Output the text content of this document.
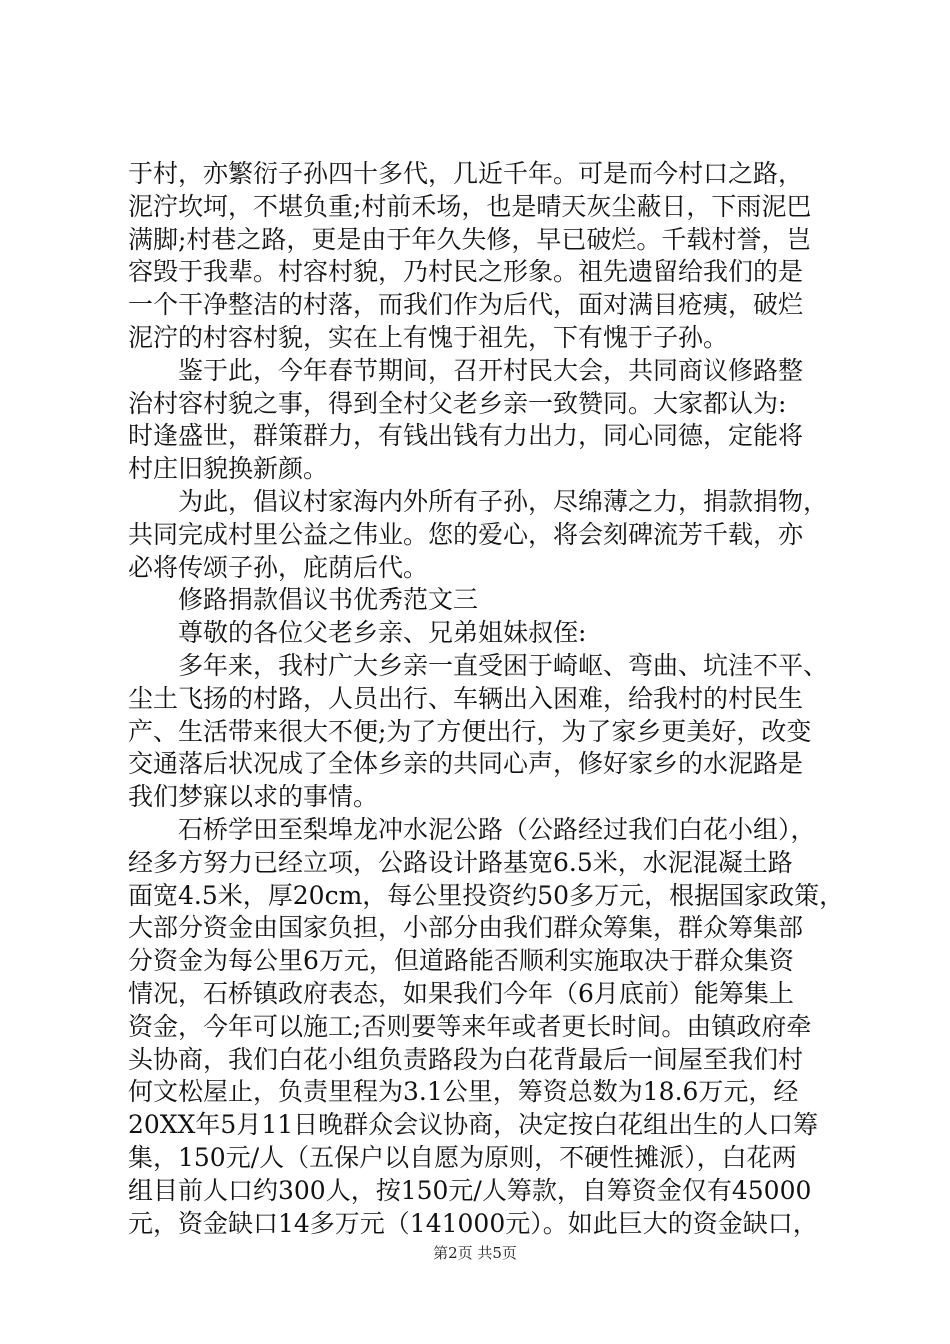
于村，亦繁衍子孙四十多代，几近千年。可是而今村口之路，
泥泞坎坷，不堪负重;村前禾场，也是晴天灰尘蔽日，下雨泥巴
满脚;村巷之路，更是由于年久失修，早已破烂。千载村誉，岂
容毁于我辈。村容村貌，乃村民之形象。祖先遗留给我们的是
一个干净整洁的村落，而我们作为后代，面对满目疮痍，破烂
泥泞的村容村貌，实在上有愧于祖先，下有愧于子孙。
　　鉴于此，今年春节期间，召开村民大会，共同商议修路整
治村容村貌之事，得到全村父老乡亲一致赞同。大家都认为:
时逢盛世，群策群力，有钱出钱有力出力，同心同德，定能将
村庄旧貌换新颜。
　　为此，倡议村家海内外所有子孙，尽绵薄之力，捐款捐物，
共同完成村里公益之伟业。您的爱心，将会刻碑流芳千载，亦
必将传颂子孙，庇荫后代。
　　修路捐款倡议书优秀范文三
　　尊敬的各位父老乡亲、兄弟姐妹叔侄:
　　多年来，我村广大乡亲一直受困于崎岖、弯曲、坑洼不平、
尘土飞扬的村路，人员出行、车辆出入困难，给我村的村民生
产、生活带来很大不便;为了方便出行，为了家乡更美好，改变
交通落后状况成了全体乡亲的共同心声，修好家乡的水泥路是
我们梦寐以求的事情。
　　石桥学田至梨埠龙冲水泥公路（公路经过我们白花小组），
经多方努力已经立项，公路设计路基宽6.5米，水泥混凝土路
面宽4.5米，厚20cm，每公里投资约50多万元，根据国家政策，
大部分资金由国家负担，小部分由我们群众筹集，群众筹集部
分资金为每公里6万元，但道路能否顺利实施取决于群众集资
情况，石桥镇政府表态，如果我们今年（6月底前）能筹集上
资金，今年可以施工;否则要等来年或者更长时间。由镇政府牵
头协商，我们白花小组负责路段为白花背最后一间屋至我们村
何文松屋止，负责里程为3.1公里，筹资总数为18.6万元，经
20XX年5月11日晚群众会议协商，决定按白花组出生的人口筹
集，150元/人（五保户以自愿为原则，不硬性摊派），白花两
组目前人口约300人，按150元/人筹款，自筹资金仅有45000
元，资金缺口14多万元（141000元）。如此巨大的资金缺口，
第2页 共5页
